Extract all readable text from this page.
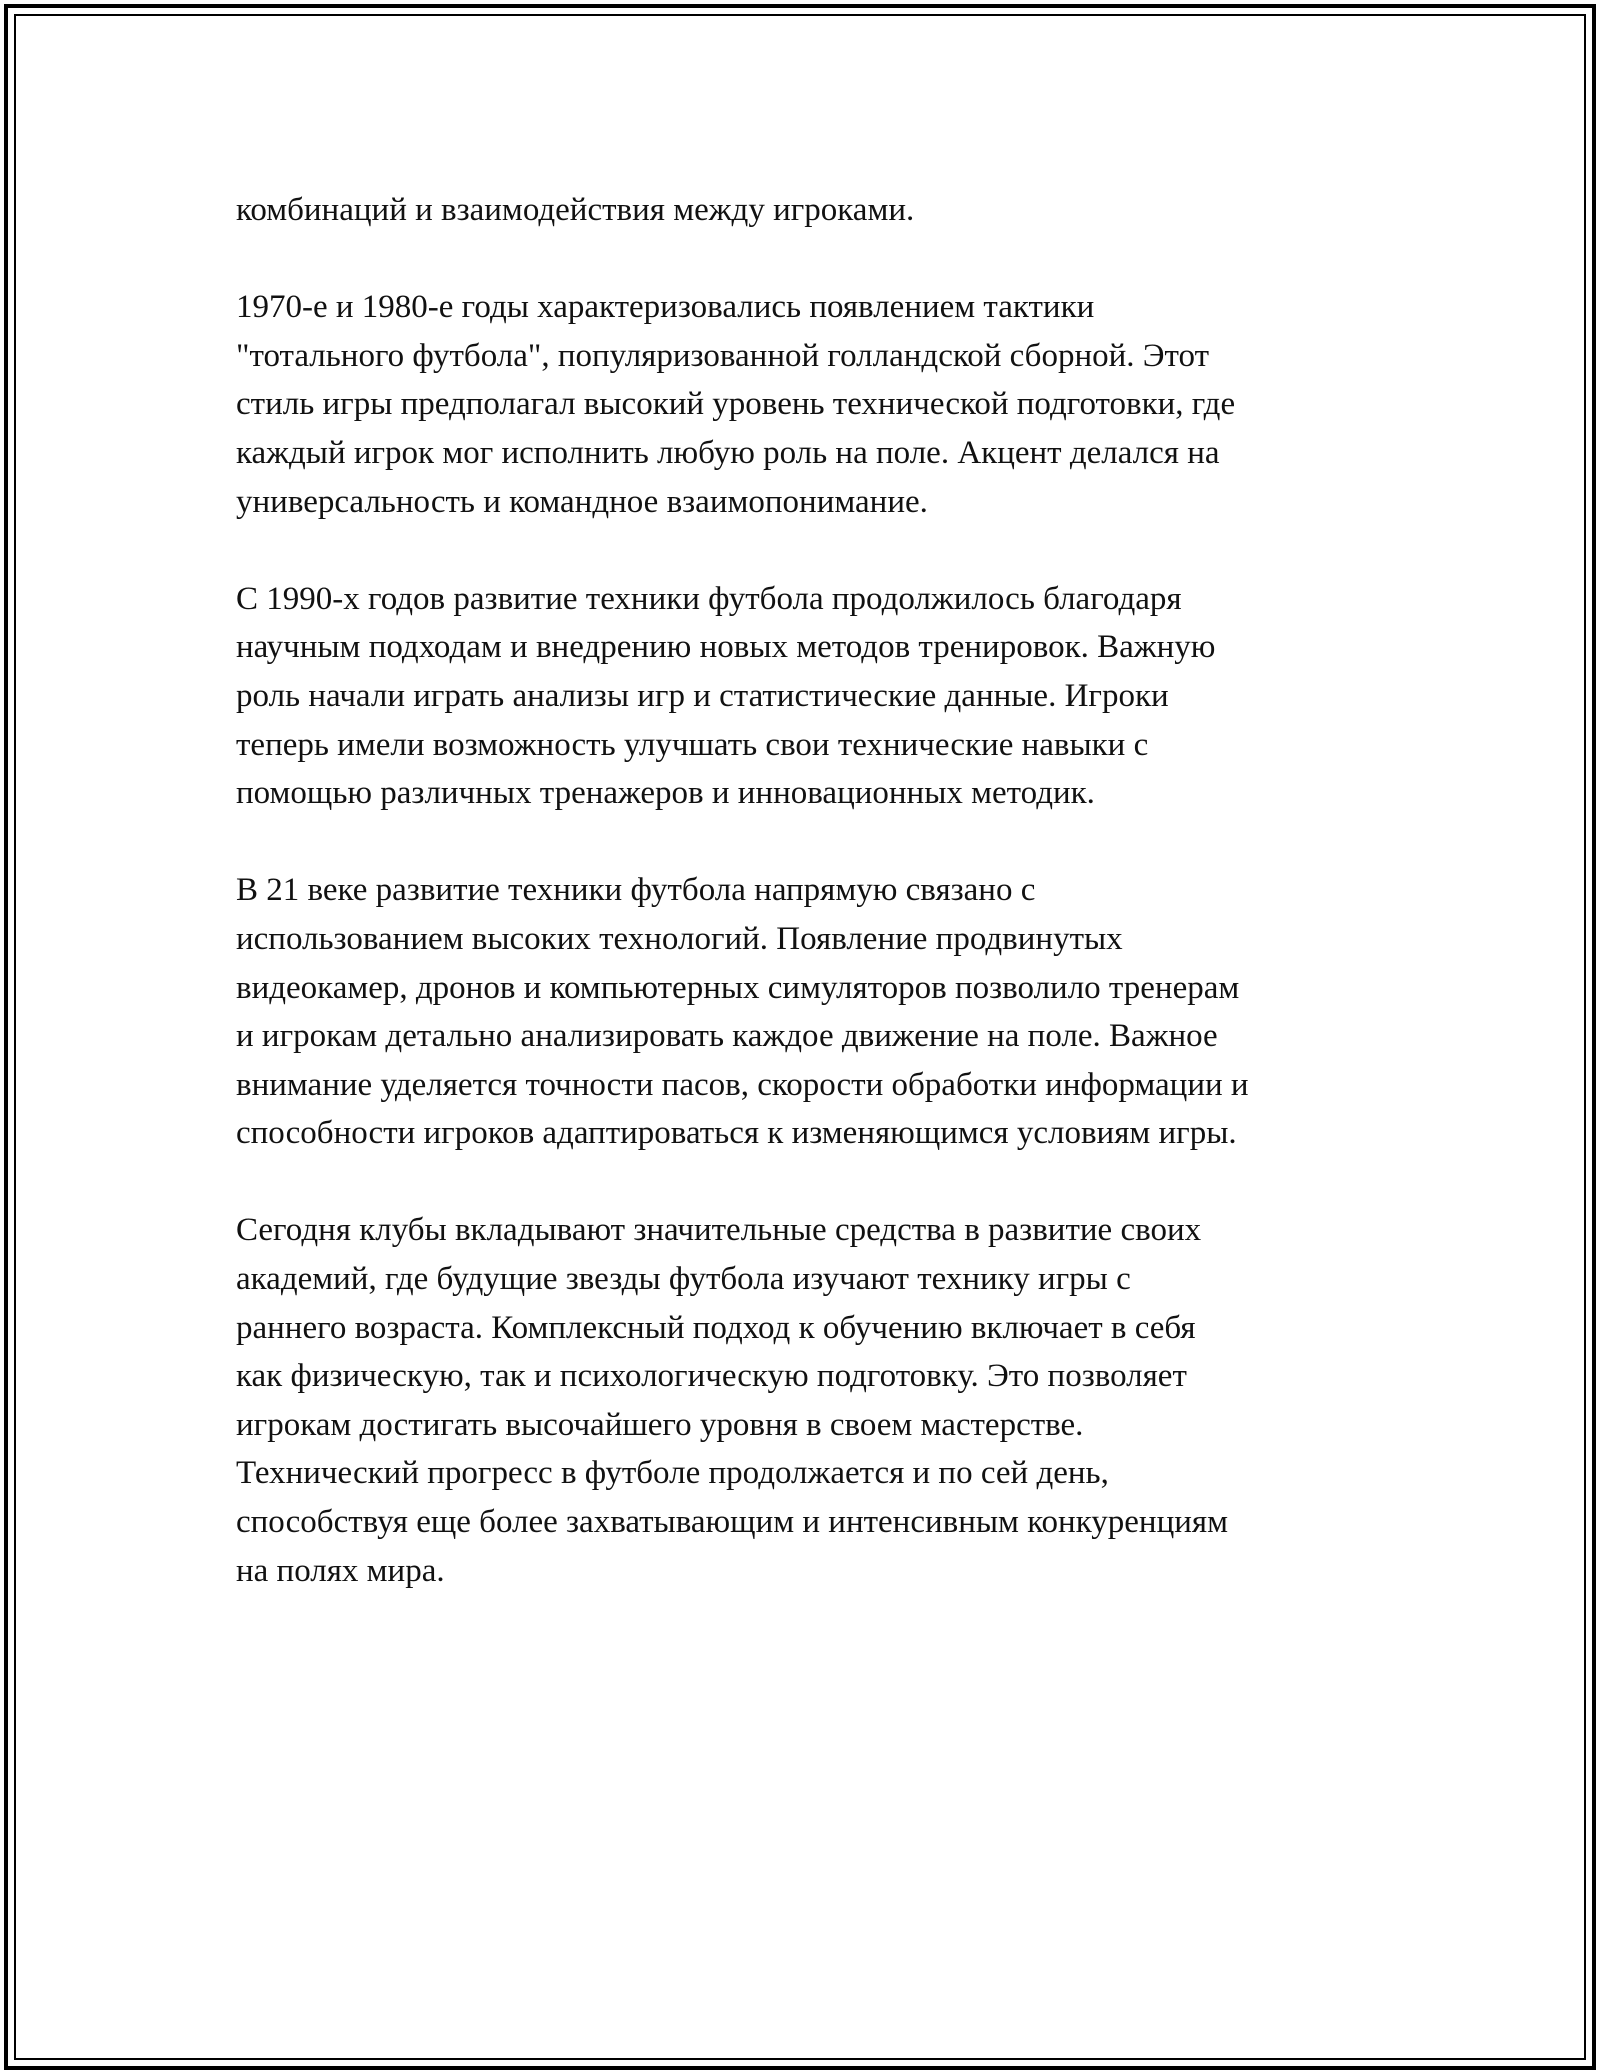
комбинаций и взаимодействия между игроками.

1970-е и 1980-е годы характеризовались появлением тактики
"тотального футбола", популяризованной голландской сборной. Этот
стиль игры предполагал высокий уровень технической подготовки, где
каждый игрок мог исполнить любую роль на поле. Акцент делался на
универсальность и командное взаимопонимание.

С 1990-х годов развитие техники футбола продолжилось благодаря
научным подходам и внедрению новых методов тренировок. Важную
роль начали играть анализы игр и статистические данные. Игроки
теперь имели возможность улучшать свои технические навыки с
помощью различных тренажеров и инновационных методик.

В 21 веке развитие техники футбола напрямую связано с
использованием высоких технологий. Появление продвинутых
видеокамер, дронов и компьютерных симуляторов позволило тренерам
и игрокам детально анализировать каждое движение на поле. Важное
внимание уделяется точности пасов, скорости обработки информации и
способности игроков адаптироваться к изменяющимся условиям игры.

Сегодня клубы вкладывают значительные средства в развитие своих
академий, где будущие звезды футбола изучают технику игры с
раннего возраста. Комплексный подход к обучению включает в себя
как физическую, так и психологическую подготовку. Это позволяет
игрокам достигать высочайшего уровня в своем мастерстве.
Технический прогресс в футболе продолжается и по сей день,
способствуя еще более захватывающим и интенсивным конкуренциям
на полях мира.
